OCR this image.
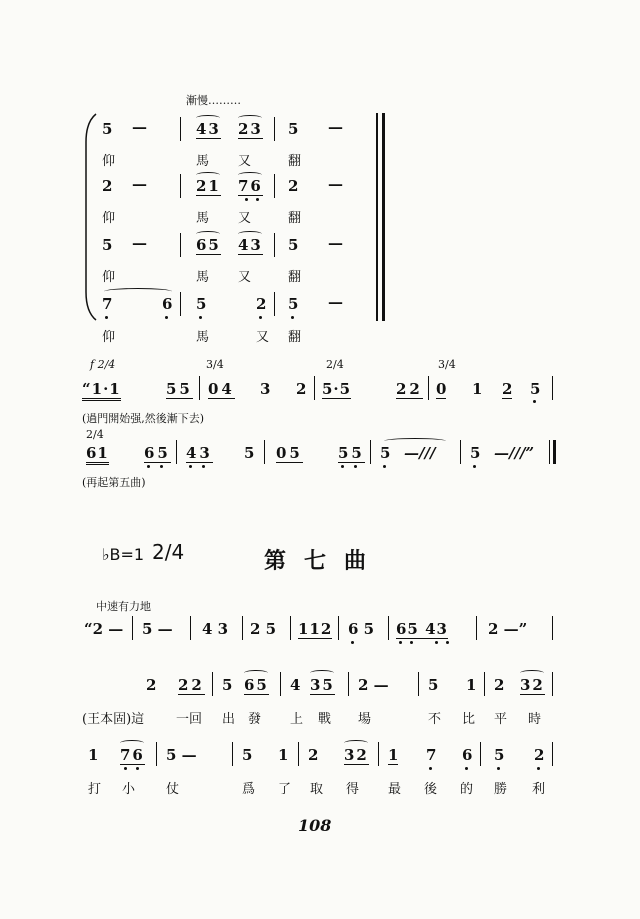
漸慢………
5 —	43 23 5 —
仰	馬 又	翻
2 —	21 76 2 —
仰	馬 又	翻
5 —	65 43 5 —
仰	馬 又	翻
7	6 5	2 5 —
仰	馬	又 翻
f 2/4	3/4	2/4	3/4
“1·1	55 04 3 2 5·5	22 0 1 2 5
(過門開始强,然後漸下去)
2/4
61 65 43 5 05 55 5 —/// 5 —///”
(再起第五曲)
♭B=1 2/4	第七曲
中速有力地
“2 — 5 — 4 3 2 5 112 6 5 65 43	2 —”
2 22 5 65 4 35 2 —	5 1 2 32
(王本固)這 一回 出 發 上 戰 場	不 比 平 時
1 76 5 —	5 1 2 32 1 7 6 5 2
打 小 仗	爲 了 取 得 最 後 的 勝 利
108
